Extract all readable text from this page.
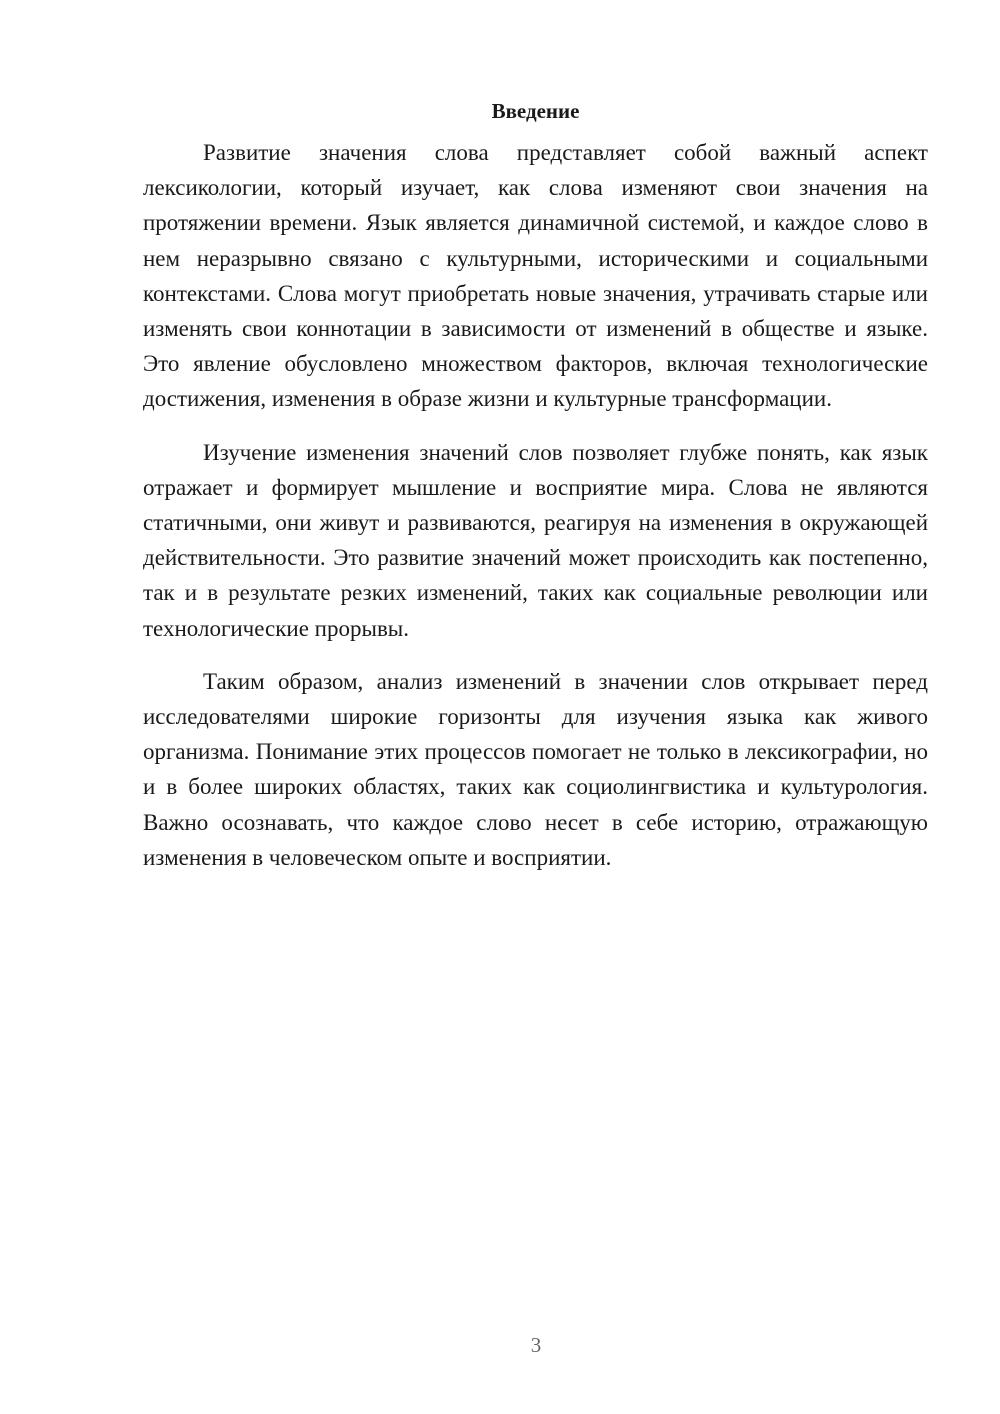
Введение

Развитие значения слова представляет собой важный аспект лексикологии, который изучает, как слова изменяют свои значения на протяжении времени. Язык является динамичной системой, и каждое слово в нем неразрывно связано с культурными, историческими и социальными контекстами. Слова могут приобретать новые значения, утрачивать старые или изменять свои коннотации в зависимости от изменений в обществе и языке. Это явление обусловлено множеством факторов, включая технологические достижения, изменения в образе жизни и культурные трансформации.

Изучение изменения значений слов позволяет глубже понять, как язык отражает и формирует мышление и восприятие мира. Слова не являются статичными, они живут и развиваются, реагируя на изменения в окружающей действительности. Это развитие значений может происходить как постепенно, так и в результате резких изменений, таких как социальные революции или технологические прорывы.

Таким образом, анализ изменений в значении слов открывает перед исследователями широкие горизонты для изучения языка как живого организма. Понимание этих процессов помогает не только в лексикографии, но и в более широких областях, таких как социолингвистика и культурология. Важно осознавать, что каждое слово несет в себе историю, отражающую изменения в человеческом опыте и восприятии.

3
